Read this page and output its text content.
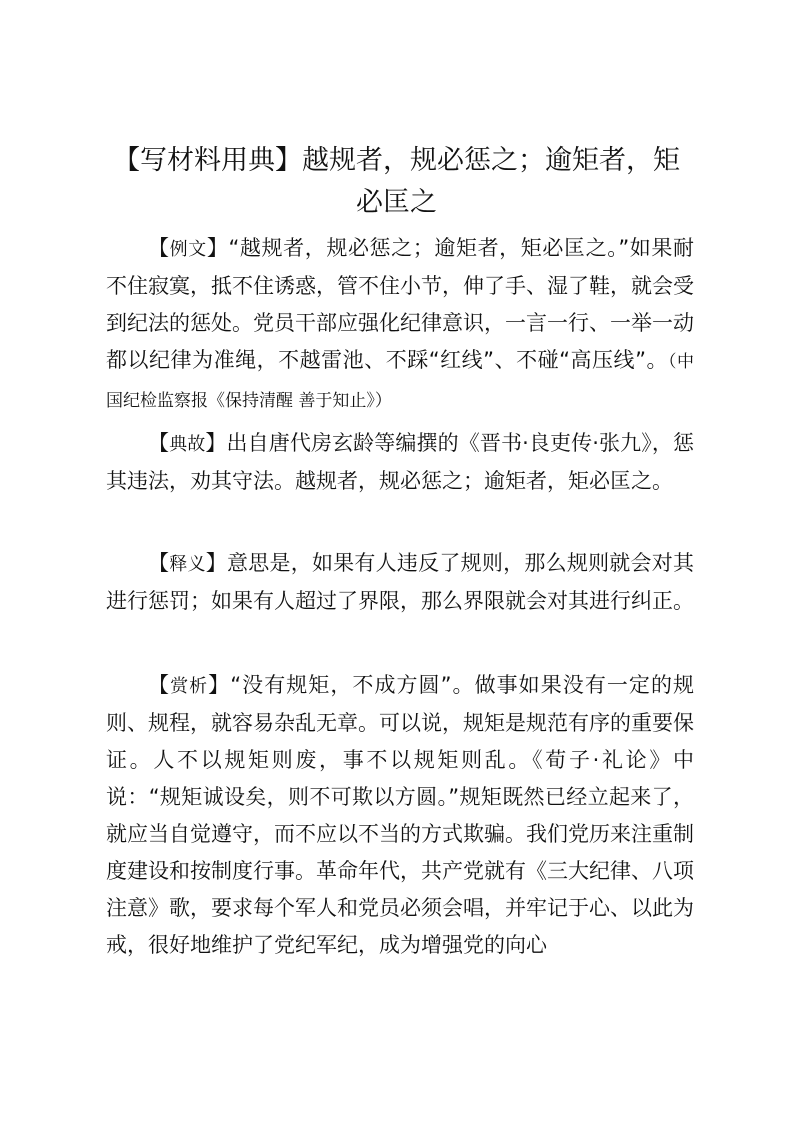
【写材料用典】越规者，规必惩之；逾矩者，矩必匡之

【例文】“越规者，规必惩之；逾矩者，矩必匡之。”如果耐不住寂寞，抵不住诱惑，管不住小节，伸了手、湿了鞋，就会受到纪法的惩处。党员干部应强化纪律意识，一言一行、一举一动都以纪律为准绳，不越雷池、不踩“红线”、不碰“高压线”。（中国纪检监察报《保持清醒 善于知止》）

【典故】出自唐代房玄龄等编撰的《晋书·良吏传·张九》，惩其违法，劝其守法。越规者，规必惩之；逾矩者，矩必匡之。

【释义】意思是，如果有人违反了规则，那么规则就会对其进行惩罚；如果有人超过了界限，那么界限就会对其进行纠正。

【赏析】“没有规矩，不成方圆”。做事如果没有一定的规则、规程，就容易杂乱无章。可以说，规矩是规范有序的重要保证。人不以规矩则废，事不以规矩则乱。《荀子·礼论》中说：“规矩诚设矣，则不可欺以方圆。”规矩既然已经立起来了，就应当自觉遵守，而不应以不当的方式欺骗。我们党历来注重制度建设和按制度行事。革命年代，共产党就有《三大纪律、八项注意》歌，要求每个军人和党员必须会唱，并牢记于心、以此为戒，很好地维护了党纪军纪，成为增强党的向心
